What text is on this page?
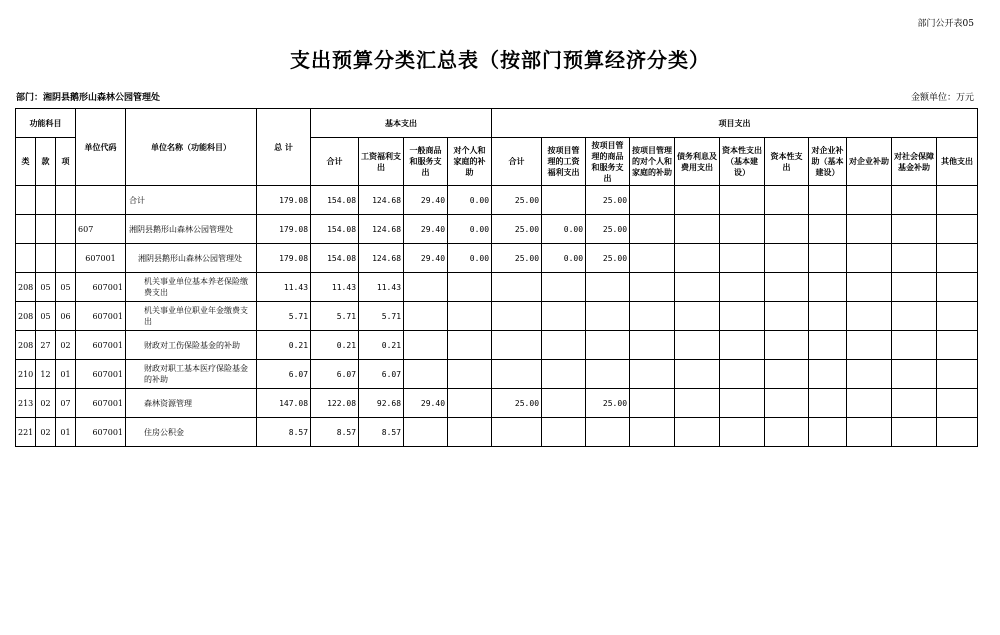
部门公开表05
支出预算分类汇总表（按部门预算经济分类）
部门：湘阴县鹅形山森林公园管理处	金额单位：万元
功能科目			单位代码	单位名称（功能科目）	总 计	基本支出				项目支出										
类	款	项				合计	工资福利支出	一般商品和服务支出	对个人和家庭的补助	合计	按项目管理的工资福利支出	按项目管理的商品和服务支出	按项目管理的对个人和家庭的补助	债务利息及费用支出	资本性支出（基本建设）	资本性支出	对企业补助（基本建设）	对企业补助	对社会保障基金补助	其他支出
				合计	179.08	154.08	124.68	29.40	0.00	25.00		25.00								
			607	湘阴县鹅形山森林公园管理处	179.08	154.08	124.68	29.40	0.00	25.00	0.00	25.00								
			607001	湘阴县鹅形山森林公园管理处	179.08	154.08	124.68	29.40	0.00	25.00	0.00	25.00								
208	05	05	607001	机关事业单位基本养老保险缴费支出	11.43	11.43	11.43													
208	05	06	607001	机关事业单位职业年金缴费支出	5.71	5.71	5.71													
208	27	02	607001	财政对工伤保险基金的补助	0.21	0.21	0.21													
210	12	01	607001	财政对职工基本医疗保险基金的补助	6.07	6.07	6.07													
213	02	07	607001	森林资源管理	147.08	122.08	92.68	29.40		25.00		25.00								
221	02	01	607001	住房公积金	8.57	8.57	8.57													
